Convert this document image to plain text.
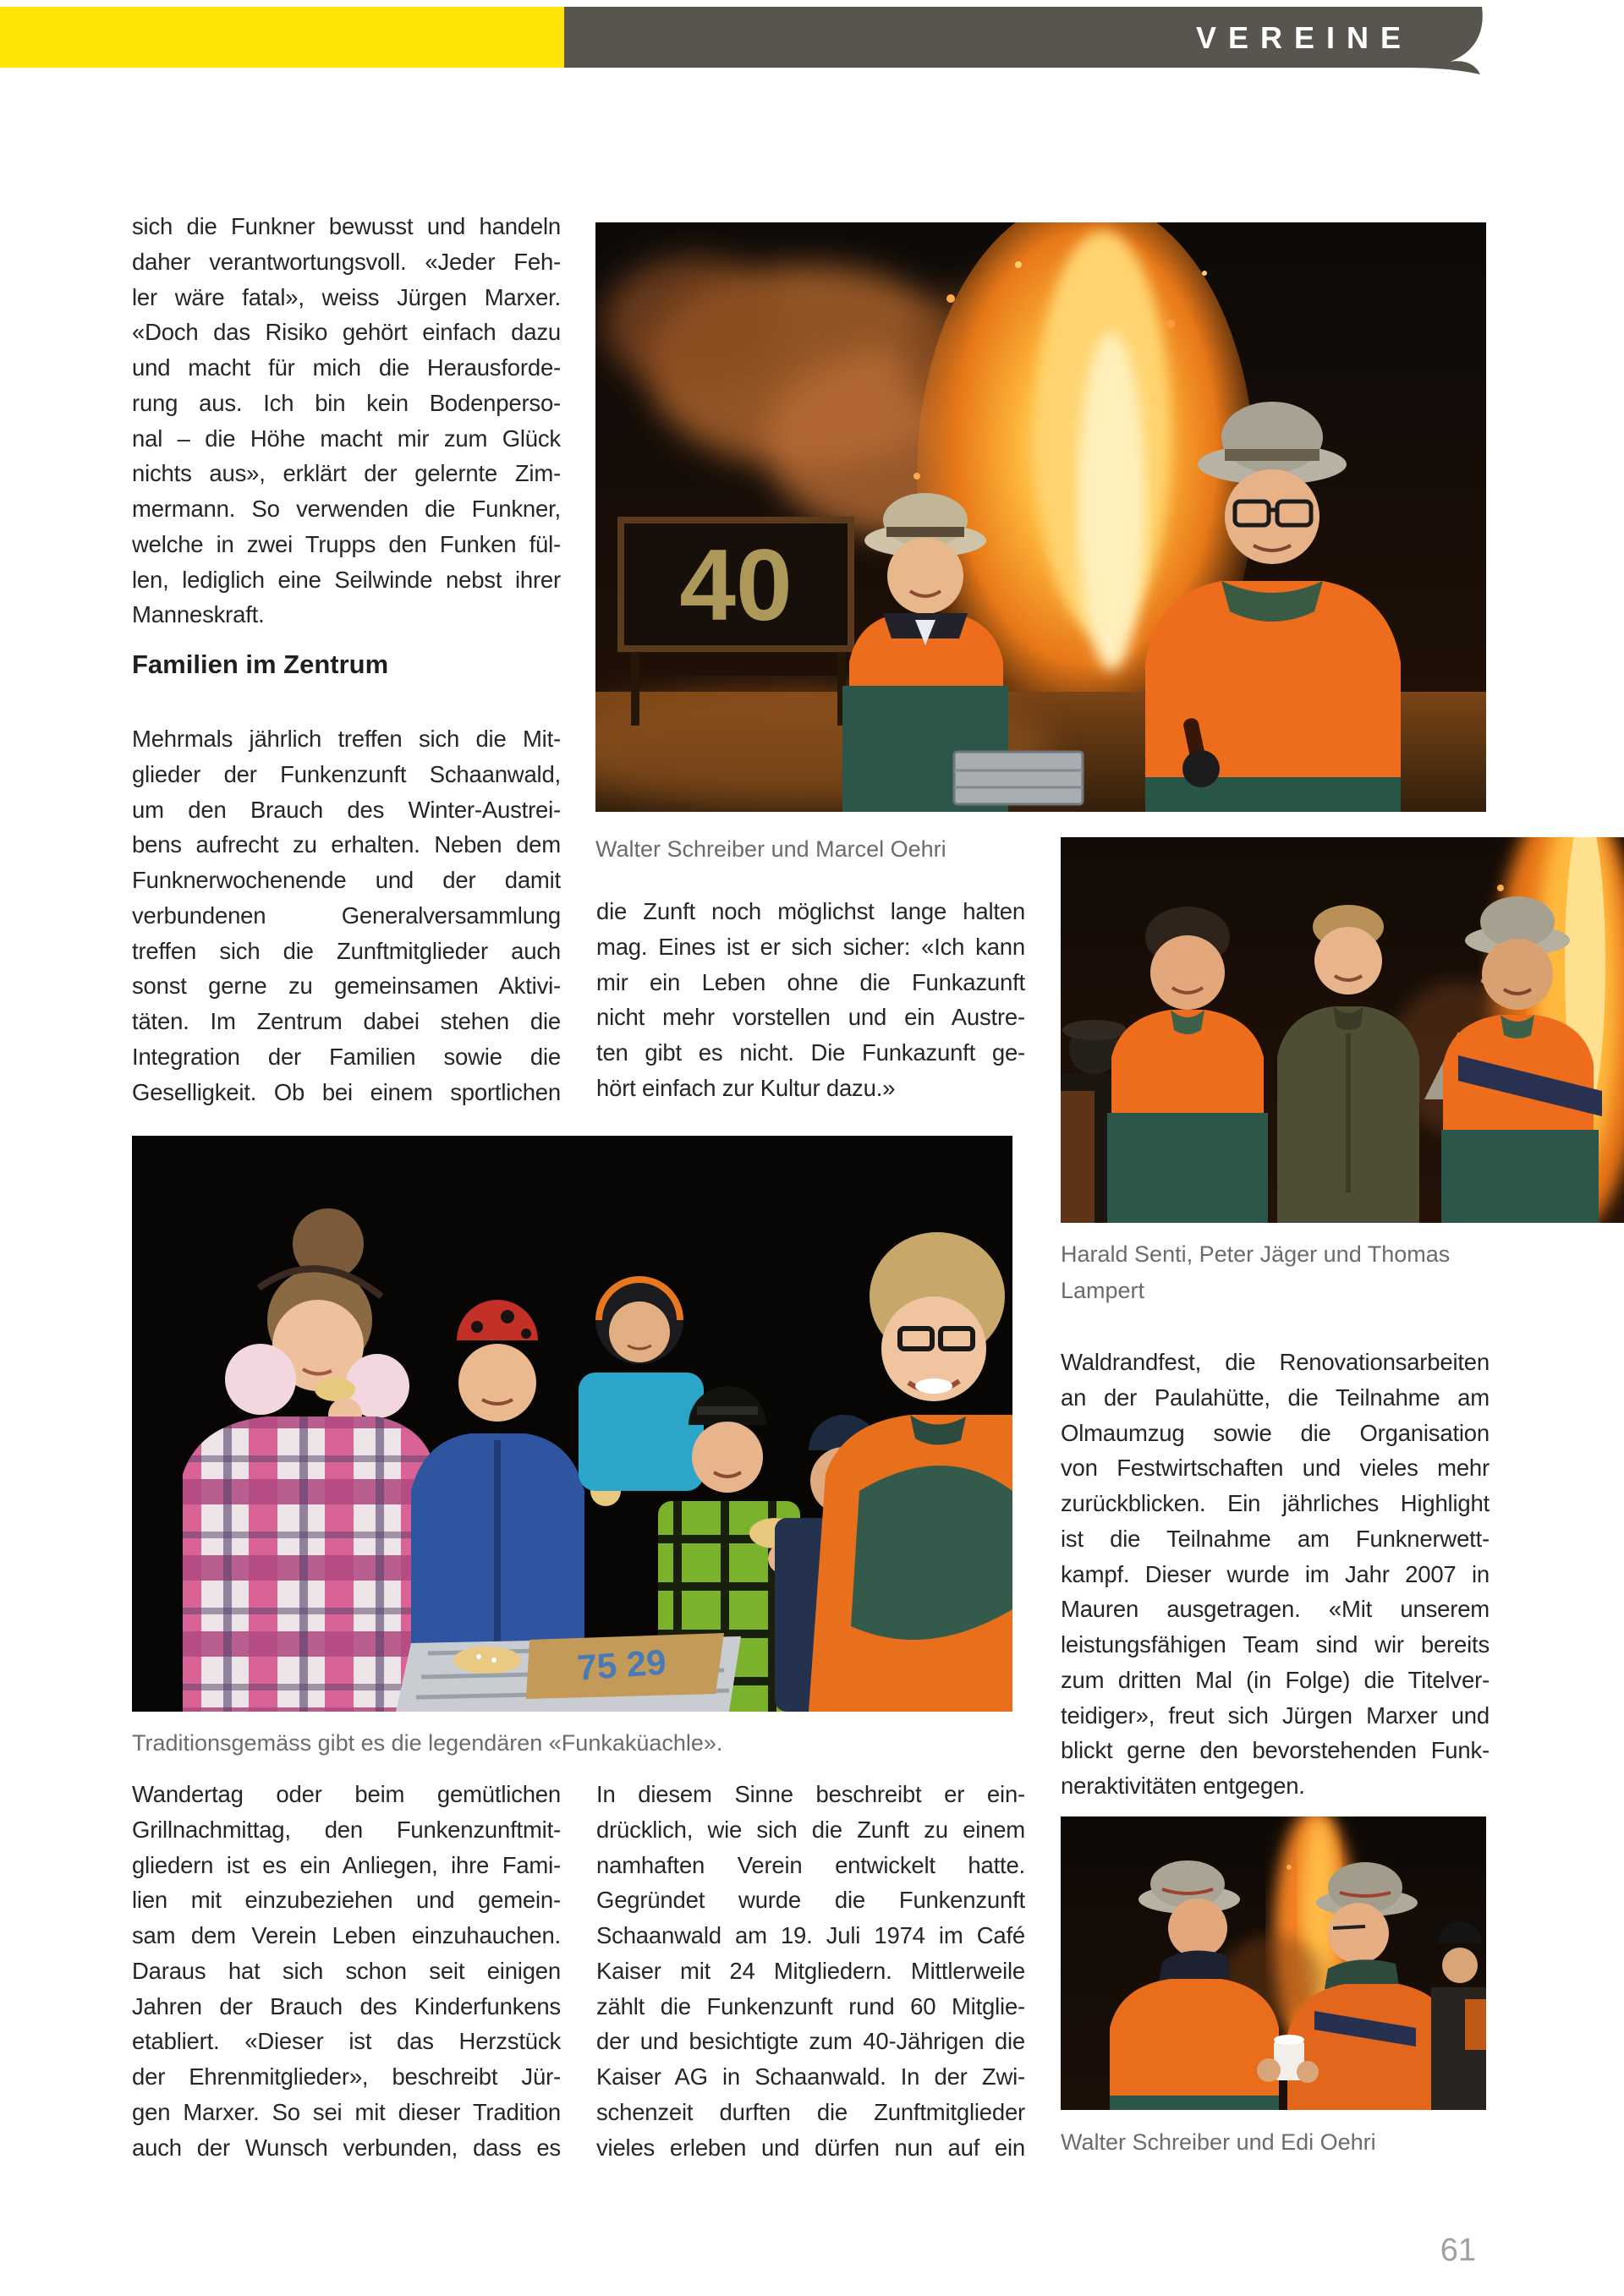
VEREINE
sich die Funkner bewusst und handeln
daher verantwortungsvoll. «Jeder Feh-
ler wäre fatal», weiss Jürgen Marxer.
«Doch das Risiko gehört einfach dazu
und macht für mich die Herausforde-
rung aus. Ich bin kein Bodenperso-
nal – die Höhe macht mir zum Glück
nichts aus», erklärt der gelernte Zim-
mermann. So verwenden die Funkner,
welche in zwei Trupps den Funken fül-
len, lediglich eine Seilwinde nebst ihrer
Manneskraft.
Familien im Zentrum
Mehrmals jährlich treffen sich die Mit-
glieder der Funkenzunft Schaanwald,
um den Brauch des Winter-Austrei-
bens aufrecht zu erhalten. Neben dem
Funknerwochenende und der damit
verbundenen Generalversammlung
treffen sich die Zunftmitglieder auch
sonst gerne zu gemeinsamen Aktivi-
täten. Im Zentrum dabei stehen die
Integration der Familien sowie die
Geselligkeit. Ob bei einem sportlichen
40
Walter Schreiber und Marcel Oehri
die Zunft noch möglichst lange halten
mag. Eines ist er sich sicher: «Ich kann
mir ein Leben ohne die Funkazunft
nicht mehr vorstellen und ein Austre-
ten gibt es nicht. Die Funkazunft ge-
hört einfach zur Kultur dazu.»
Harald Senti, Peter Jäger und Thomas Lampert
Waldrandfest, die Renovationsarbeiten
an der Paulahütte, die Teilnahme am
Olmaumzug sowie die Organisation
von Festwirtschaften und vieles mehr
zurückblicken. Ein jährliches Highlight
ist die Teilnahme am Funknerwett-
kampf. Dieser wurde im Jahr 2007 in
Mauren ausgetragen. «Mit unserem
leistungsfähigen Team sind wir bereits
zum dritten Mal (in Folge) die Titelver-
teidiger», freut sich Jürgen Marxer und
blickt gerne den bevorstehenden Funk-
neraktivitäten entgegen.
75 29
Traditionsgemäss gibt es die legendären «Funkaküachle».
Wandertag oder beim gemütlichen
Grillnachmittag, den Funkenzunftmit-
gliedern ist es ein Anliegen, ihre Fami-
lien mit einzubeziehen und gemein-
sam dem Verein Leben einzuhauchen.
Daraus hat sich schon seit einigen
Jahren der Brauch des Kinderfunkens
etabliert. «Dieser ist das Herzstück
der Ehrenmitglieder», beschreibt Jür-
gen Marxer. So sei mit dieser Tradition
auch der Wunsch verbunden, dass es
In diesem Sinne beschreibt er ein-
drücklich, wie sich die Zunft zu einem
namhaften Verein entwickelt hatte.
Gegründet wurde die Funkenzunft
Schaanwald am 19. Juli 1974 im Café
Kaiser mit 24 Mitgliedern. Mittlerweile
zählt die Funkenzunft rund 60 Mitglie-
der und besichtigte zum 40-Jährigen die
Kaiser AG in Schaanwald. In der Zwi-
schenzeit durften die Zunftmitglieder
vieles erleben und dürfen nun auf ein Walter Schreiber und Edi Oehri
61
